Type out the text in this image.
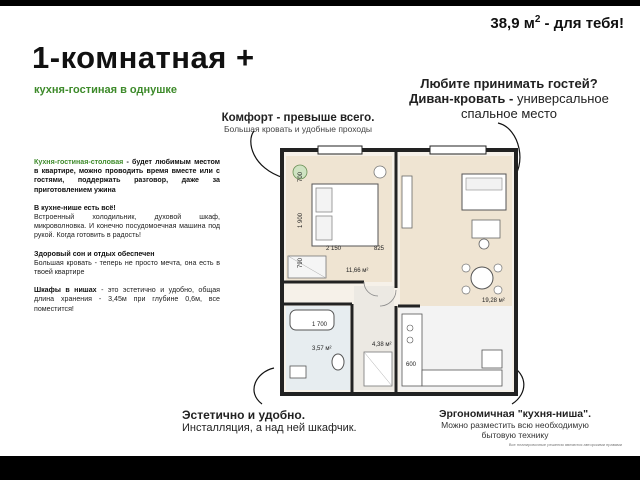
38,9 $м^2$ - для тебя!
1-комнатная +
кухня-гостиная в однушке

Кухня-гостиная-столовая - будет любимым местом в квартире, можно проводить время вместе или с гостями, поддержать разговор, даже за приготовлением ужина

В кухне-нише есть всё!
Встроенный холодильник, духовой шкаф, микроволновка. И конечно посудомоечная машина под рукой. Когда готовить в радость!

Здоровый сон и отдых обеспечен
Большая кровать - теперь не просто мечта, она есть в твоей квартире

Шкафы в нишах - это эстетично и удобно, общая длина хранения - 3,45м при глубине 0,6м, все поместится!

Комфорт - превыше всего.
Большая кровать и удобные проходы
Любите принимать гостей?
Диван-кровать - универсальное
спальное место
Эстетично и удобно.
Инсталляция, а над ней шкафчик.
Эргономичная "кухня-ниша".
Можно разместить всю необходимую бытовую технику
Все планировочные решения являются авторскими правами
2 150	825
1 900
700
790
1 700
600
11,66 м²
19,28 м²
3,57 м²
4,38 м²
